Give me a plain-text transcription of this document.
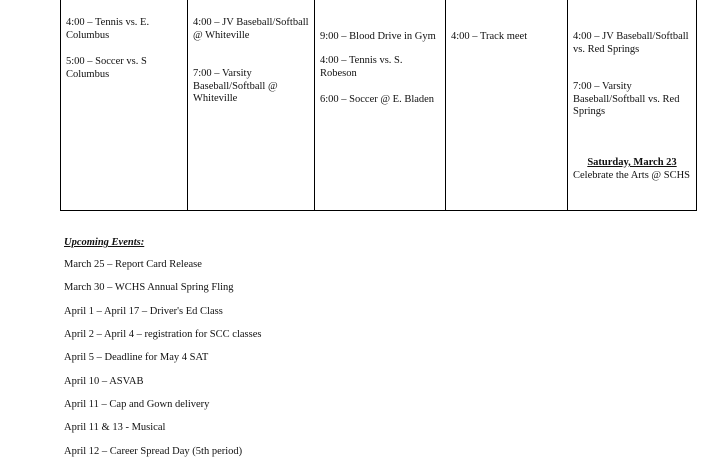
4:00 – Tennis vs. E. Columbus
5:00 – Soccer vs. S Columbus
4:00 – JV Baseball/Softball @ Whiteville
7:00 – Varsity Baseball/Softball @ Whiteville
9:00 – Blood Drive in Gym
4:00 – Tennis vs. S. Robeson
6:00 – Soccer @ E. Bladen
4:00 – Track meet	4:00 – JV Baseball/Softball vs. Red Springs
7:00 – Varsity Baseball/Softball vs. Red Springs
Saturday, March 23
Celebrate the Arts @ SCHS
Upcoming Events:
March 25 – Report Card Release
March 30 – WCHS Annual Spring Fling
April 1 – April 17 – Driver's Ed Class
April 2 – April 4 – registration for SCC classes
April 5 – Deadline for May 4 SAT
April 10 – ASVAB
April 11 – Cap and Gown delivery
April 11 & 13 - Musical
April 12 – Career Spread Day (5th period)
